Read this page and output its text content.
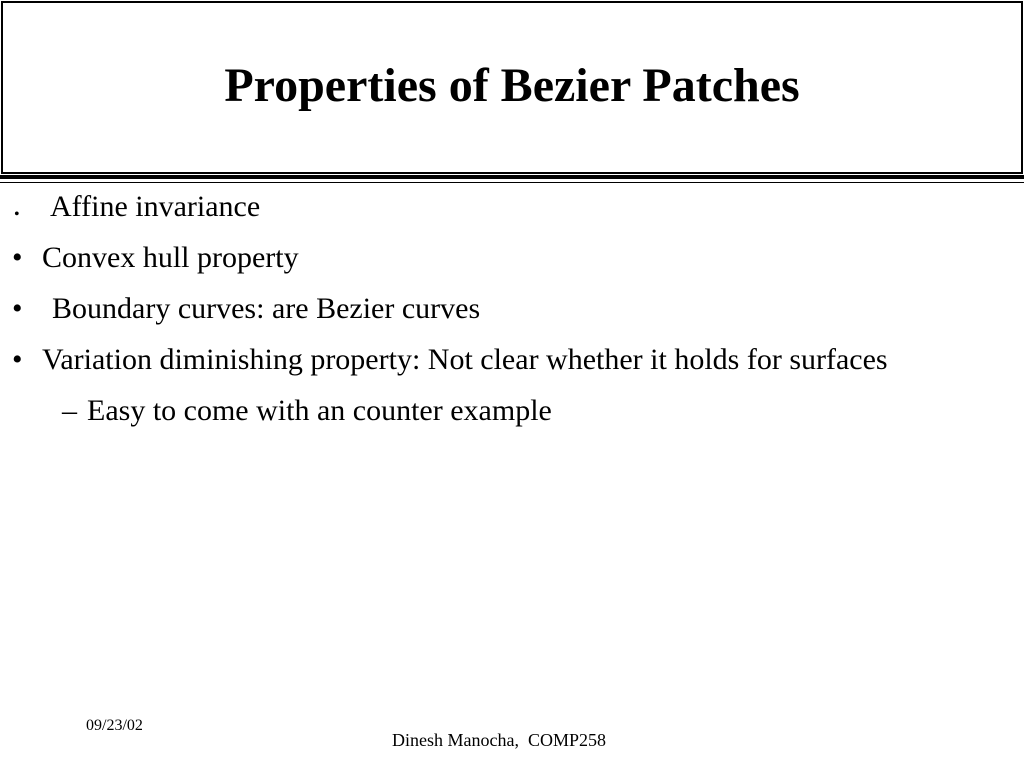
Properties of Bezier Patches
• Affine invariance
• Convex hull property
• Boundary curves: are Bezier curves
• Variation diminishing property: Not clear whether it holds for surfaces
– Easy to come with an counter example
09/23/02
Dinesh Manocha,  COMP258
